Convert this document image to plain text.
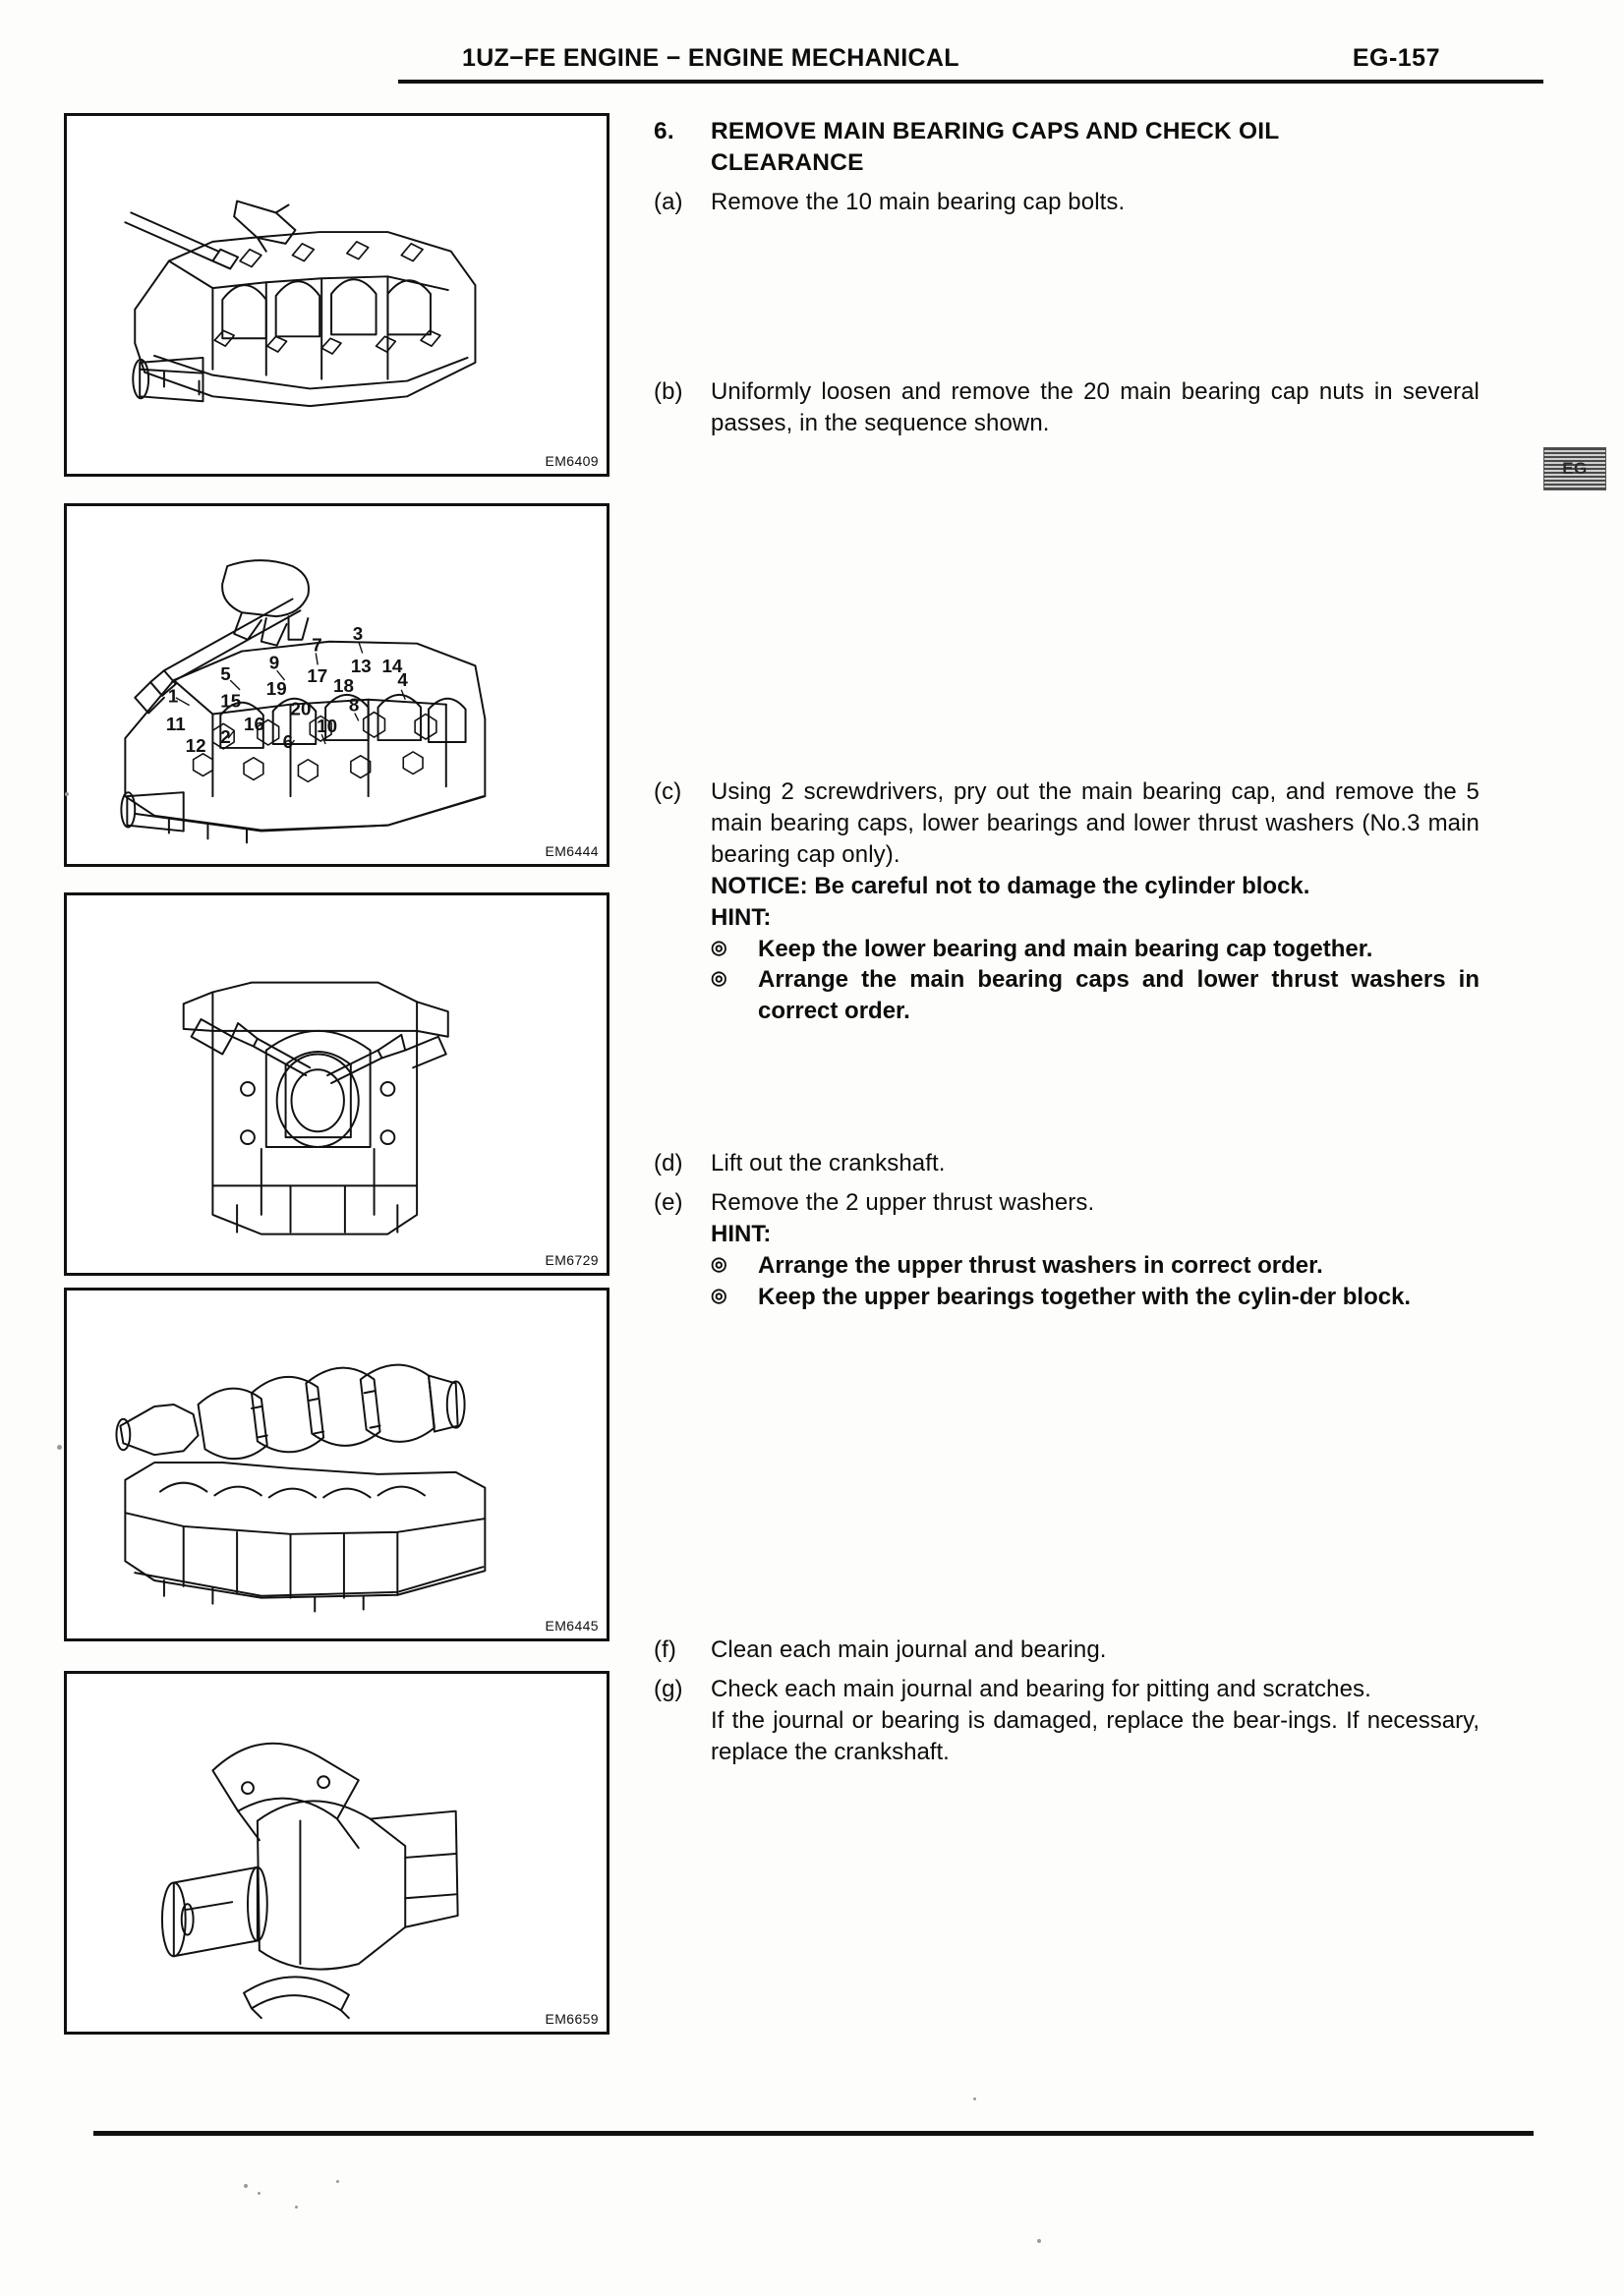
1UZ−FE ENGINE − ENGINE MECHANICAL	EG-157
EG
EM6409
1
2
3
4
5
6
7
8
9
10
11
12
13 14
15
16
17 18
19
20
EM6444
EM6729
EM6445
EM6659
6.	REMOVE MAIN BEARING CAPS AND CHECK OIL
CLEARANCE
(a)	Remove the 10 main bearing cap bolts.
(b)	Uniformly loosen and remove the 20 main bearing cap nuts in several passes, in the sequence shown.
(c)	Using 2 screwdrivers, pry out the main bearing cap, and remove the 5 main bearing caps, lower bearings and lower thrust washers (No.3 main bearing cap only).
NOTICE: Be careful not to damage the cylinder block.
HINT:
◎	Keep the lower bearing and main bearing cap together.
◎	Arrange the main bearing caps and lower thrust washers in correct order.
(d)	Lift out the crankshaft.
(e)	Remove the 2 upper thrust washers.
HINT:
◎	Arrange the upper thrust washers in correct order.
◎	Keep the upper bearings together with the cylin-der block.
(f)	Clean each main journal and bearing.
(g)	Check each main journal and bearing for pitting and scratches.
If the journal or bearing is damaged, replace the bear-ings. If necessary, replace the crankshaft.
